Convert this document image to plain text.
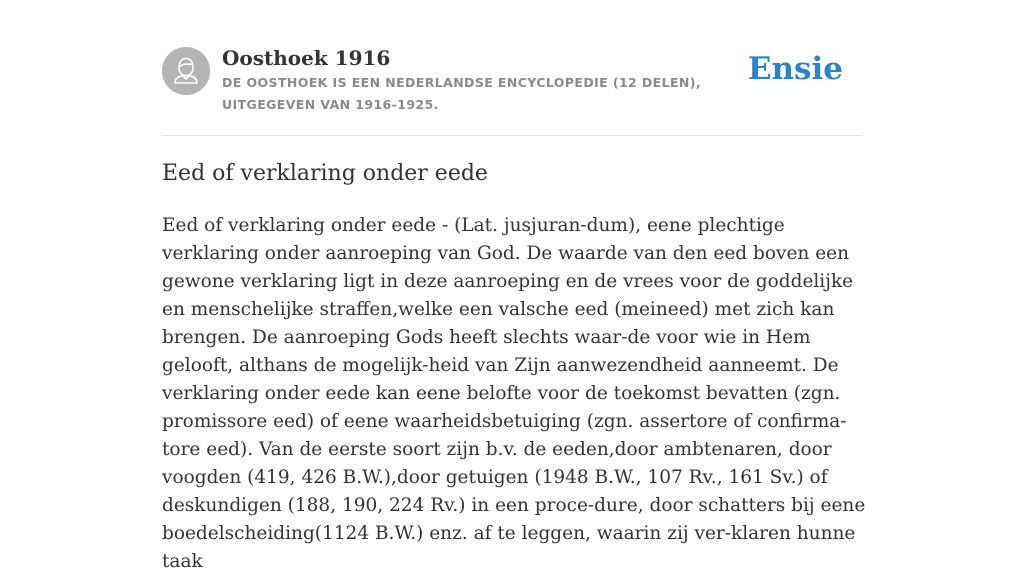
Oosthoek 1916

DE OOSTHOEK IS EEN NEDERLANDSE ENCYCLOPEDIE (12 DELEN), UITGEGEVEN VAN 1916-1925.

Ensie
Eed of verklaring onder eede

Eed of verklaring onder eede - (Lat. jusjuran-dum), eene plechtige verklaring onder aanroeping van God. De waarde van den eed boven een gewone verklaring ligt in deze aanroeping en de vrees voor de goddelijke en menschelijke straffen,welke een valsche eed (meineed) met zich kan brengen. De aanroeping Gods heeft slechts waar-de voor wie in Hem gelooft, althans de mogelijk-heid van Zijn aanwezendheid aanneemt. De verklaring onder eede kan eene belofte voor de toekomst bevatten (zgn. promissore eed) of eene waarheidsbetuiging (zgn. assertore of confirma-tore eed). Van de eerste soort zijn b.v. de eeden,door ambtenaren, door voogden (419, 426 B.W.),door getuigen (1948 B.W., 107 Rv., 161 Sv.) of deskundigen (188, 190, 224 Rv.) in een proce-dure, door schatters bij eene boedelscheiding(1124 B.W.) enz. af te leggen, waarin zij ver-klaren hunne taak
